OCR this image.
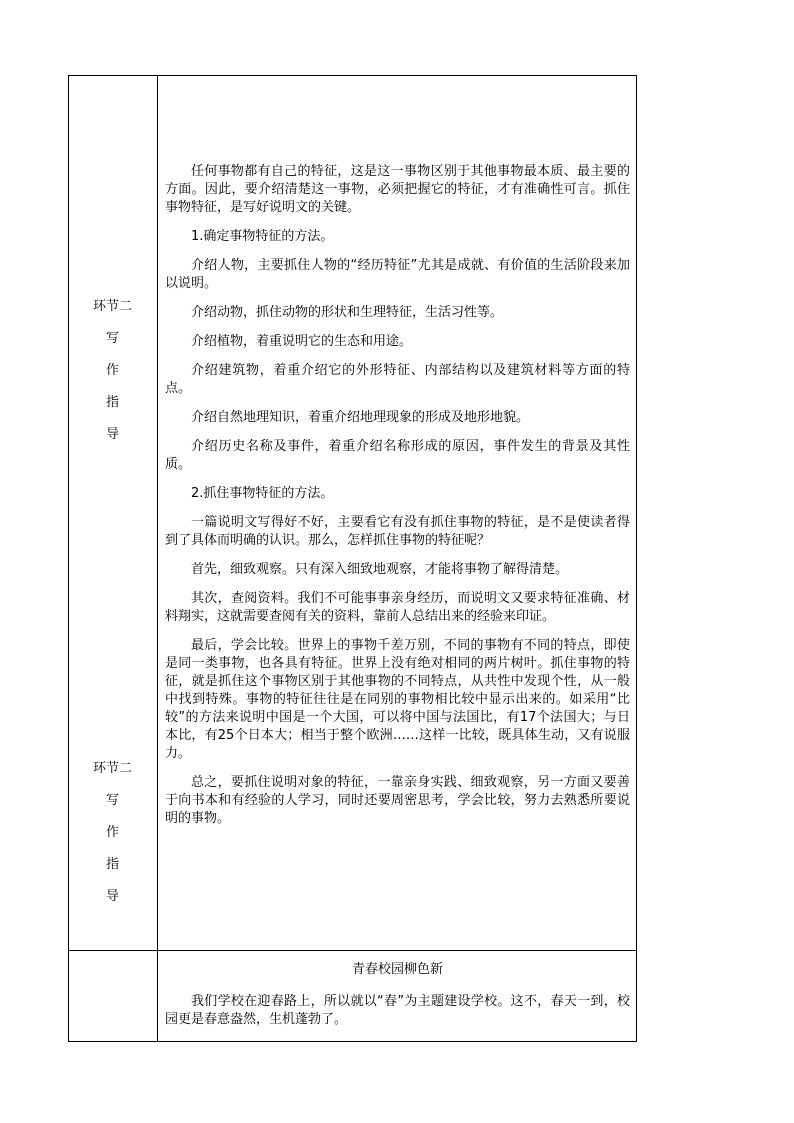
环节二
写
作
指
导
环节二
写
作
指
导

任何事物都有自己的特征，这是这一事物区别于其他事物最本质、最主要的方面。因此，要介绍清楚这一事物，必须把握它的特征，才有准确性可言。抓住事物特征，是写好说明文的关键。

1.确定事物特征的方法。

介绍人物，主要抓住人物的“经历特征”尤其是成就、有价值的生活阶段来加以说明。

介绍动物，抓住动物的形状和生理特征，生活习性等。

介绍植物，着重说明它的生态和用途。

介绍建筑物，着重介绍它的外形特征、内部结构以及建筑材料等方面的特点。

介绍自然地理知识，着重介绍地理现象的形成及地形地貌。

介绍历史名称及事件，着重介绍名称形成的原因，事件发生的背景及其性质。

2.抓住事物特征的方法。

一篇说明文写得好不好，主要看它有没有抓住事物的特征，是不是使读者得到了具体而明确的认识。那么，怎样抓住事物的特征呢？

首先，细致观察。只有深入细致地观察，才能将事物了解得清楚。

其次，查阅资料。我们不可能事事亲身经历，而说明文又要求特征准确、材料翔实，这就需要查阅有关的资料，靠前人总结出来的经验来印证。

最后，学会比较。世界上的事物千差万别，不同的事物有不同的特点，即使是同一类事物，也各具有特征。世界上没有绝对相同的两片树叶。抓住事物的特征，就是抓住这个事物区别于其他事物的不同特点，从共性中发现个性，从一般中找到特殊。事物的特征往往是在同别的事物相比较中显示出来的。如采用“比较”的方法来说明中国是一个大国，可以将中国与法国比，有17个法国大；与日本比，有25个日本大；相当于整个欧洲……这样一比较，既具体生动，又有说服力。

总之，要抓住说明对象的特征，一靠亲身实践、细致观察，另一方面又要善于向书本和有经验的人学习，同时还要周密思考，学会比较，努力去熟悉所要说明的事物。

青春校园柳色新

我们学校在迎春路上，所以就以“春”为主题建设学校。这不，春天一到，校园更是春意盎然，生机蓬勃了。
